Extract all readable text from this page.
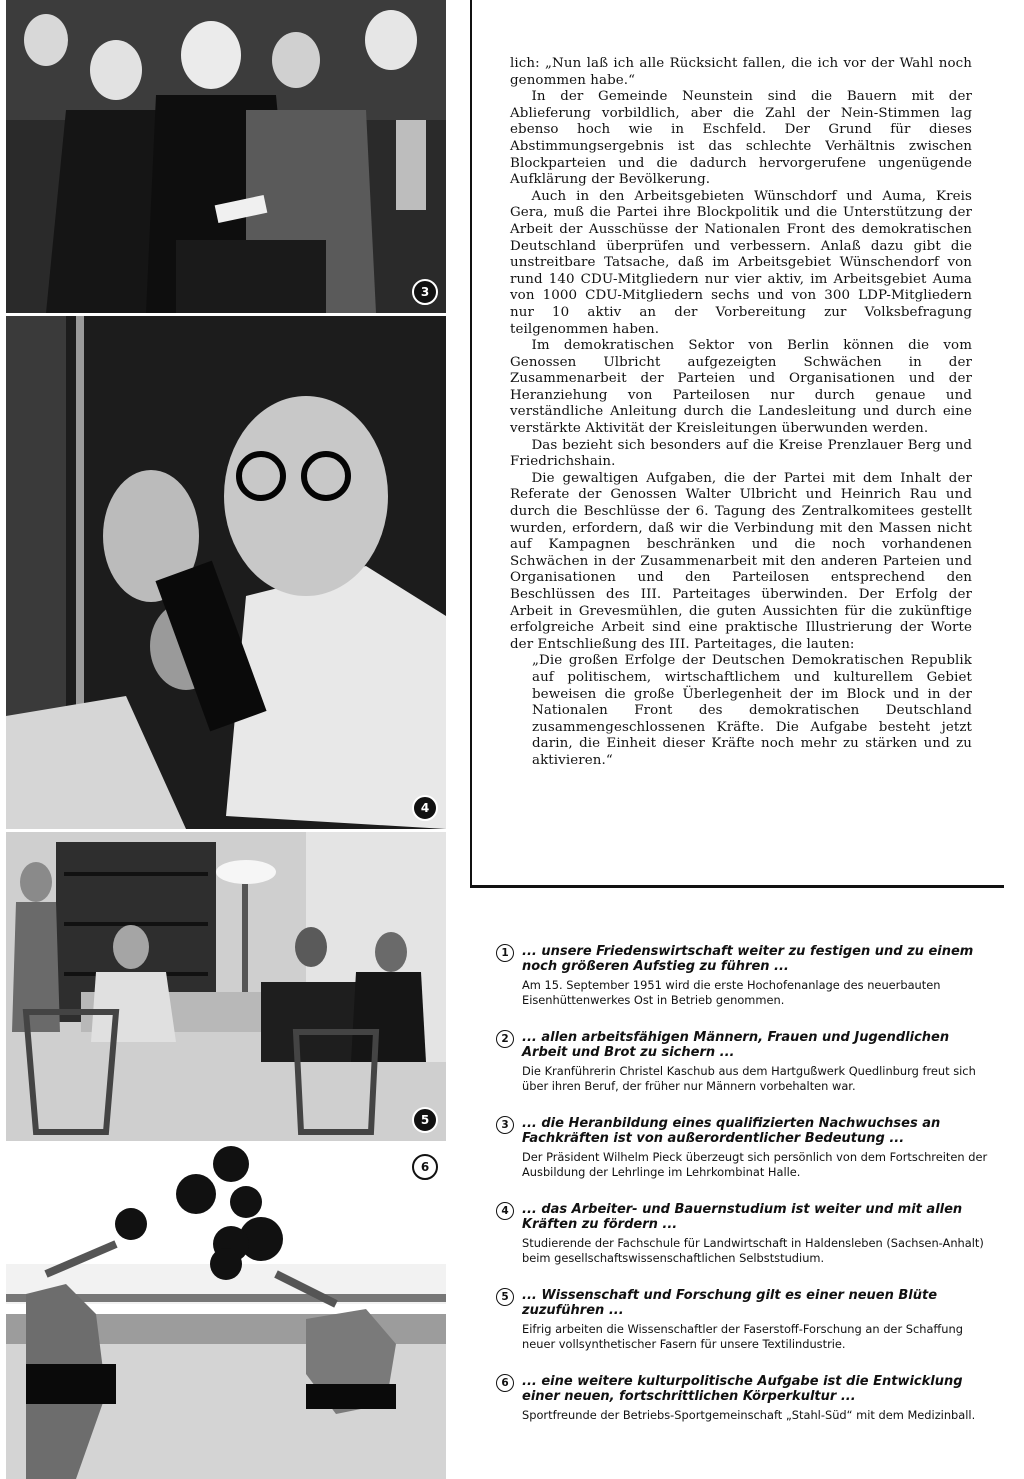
3
4
5
6

lich: „Nun laß ich alle Rücksicht fallen, die ich vor der Wahl noch genommen habe.“

In der Gemeinde Neunstein sind die Bauern mit der Ablieferung vorbildlich, aber die Zahl der Nein-Stimmen lag ebenso hoch wie in Eschfeld. Der Grund für dieses Abstimmungsergebnis ist das schlechte Verhältnis zwischen Blockparteien und die dadurch hervorgerufene ungenügende Aufklärung der Bevölkerung.

Auch in den Arbeitsgebieten Wünschdorf und Auma, Kreis Gera, muß die Partei ihre Blockpolitik und die Unterstützung der Arbeit der Ausschüsse der Nationalen Front des demokratischen Deutschland überprüfen und verbessern. Anlaß dazu gibt die unstreitbare Tatsache, daß im Arbeitsgebiet Wünschendorf von rund 140 CDU-Mitgliedern nur vier aktiv, im Arbeitsgebiet Auma von 1000 CDU-Mitgliedern sechs und von 300 LDP-Mitgliedern nur 10 aktiv an der Vorbereitung zur Volksbefragung teilgenommen haben.

Im demokratischen Sektor von Berlin können die vom Genossen Ulbricht aufgezeigten Schwächen in der Zusammenarbeit der Parteien und Organisationen und der Heranziehung von Parteilosen nur durch genaue und verständliche Anleitung durch die Landesleitung und durch eine verstärkte Aktivität der Kreisleitungen überwunden werden.

Das bezieht sich besonders auf die Kreise Prenzlauer Berg und Friedrichshain.

Die gewaltigen Aufgaben, die der Partei mit dem Inhalt der Referate der Genossen Walter Ulbricht und Heinrich Rau und durch die Beschlüsse der 6. Tagung des Zentralkomitees gestellt wurden, erfordern, daß wir die Verbindung mit den Massen nicht auf Kampagnen beschränken und die noch vorhandenen Schwächen in der Zusammenarbeit mit den anderen Parteien und Organisationen und den Parteilosen entsprechend den Beschlüssen des III. Parteitages überwinden. Der Erfolg der Arbeit in Grevesmühlen, die guten Aussichten für die zukünftige erfolgreiche Arbeit sind eine praktische Illustrierung der Worte der Entschließung des III. Parteitages, die lauten:

„Die großen Erfolge der Deutschen Demokratischen Republik auf politischem, wirtschaftlichem und kulturellem Gebiet beweisen die große Überlegenheit der im Block und in der Nationalen Front des demokratischen Deutschland zusammengeschlossenen Kräfte. Die Aufgabe besteht jetzt darin, die Einheit dieser Kräfte noch mehr zu stärken und zu aktivieren.“

1	... unsere Friedenswirtschaft weiter zu festigen und zu einem noch größeren Aufstieg zu führen ...
Am 15. September 1951 wird die erste Hochofenanlage des neuerbauten Eisenhüttenwerkes Ost in Betrieb genommen.
2	... allen arbeitsfähigen Männern, Frauen und Jugendlichen Arbeit und Brot zu sichern ...
Die Kranführerin Christel Kaschub aus dem Hartgußwerk Quedlinburg freut sich über ihren Beruf, der früher nur Männern vorbehalten war.
3	... die Heranbildung eines qualifizierten Nachwuchses an Fachkräften ist von außerordentlicher Bedeutung ...
Der Präsident Wilhelm Pieck überzeugt sich persönlich von dem Fortschreiten der Ausbildung der Lehrlinge im Lehrkombinat Halle.
4	... das Arbeiter- und Bauernstudium ist weiter und mit allen Kräften zu fördern ...
Studierende der Fachschule für Landwirtschaft in Haldensleben (Sachsen-Anhalt) beim gesellschaftswissenschaftlichen Selbststudium.
5	... Wissenschaft und Forschung gilt es einer neuen Blüte zuzuführen ...
Eifrig arbeiten die Wissenschaftler der Faserstoff-Forschung an der Schaffung neuer vollsynthetischer Fasern für unsere Textilindustrie.
6	... eine weitere kulturpolitische Aufgabe ist die Entwicklung einer neuen, fortschrittlichen Körperkultur ...
Sportfreunde der Betriebs-Sportgemeinschaft „Stahl-Süd“ mit dem Medizinball.
